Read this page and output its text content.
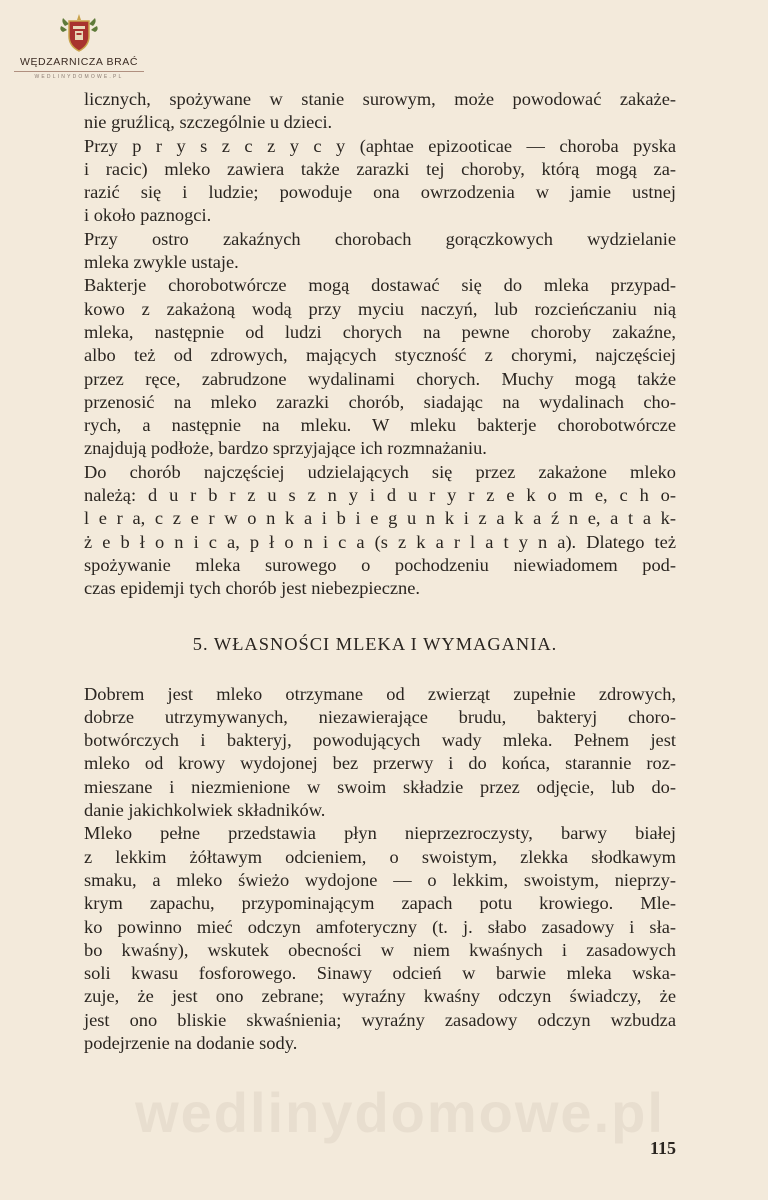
WĘDZARNICZA BRAĆ
WEDLINYDOMOWE.PL
licznych, spożywane w stanie surowym, może powodować zakaże-
nie gruźlicą, szczególnie u dzieci.
Przy p r y s z c z y c y (aphtae epizooticae — choroba pyska
i racic) mleko zawiera także zarazki tej choroby, którą mogą za-
razić się i ludzie; powoduje ona owrzodzenia w jamie ustnej
i około paznogci.
Przy ostro zakaźnych chorobach gorączkowych wydzielanie
mleka zwykle ustaje.
Bakterje chorobotwórcze mogą dostawać się do mleka przypad-
kowo z zakażoną wodą przy myciu naczyń, lub rozcieńczaniu nią
mleka, następnie od ludzi chorych na pewne choroby zakaźne,
albo też od zdrowych, mających styczność z chorymi, najczęściej
przez ręce, zabrudzone wydalinami chorych. Muchy mogą także
przenosić na mleko zarazki chorób, siadając na wydalinach cho-
rych, a następnie na mleku. W mleku bakterje chorobotwórcze
znajdują podłoże, bardzo sprzyjające ich rozmnażaniu.
Do chorób najczęściej udzielających się przez zakażone mleko
należą: d u r b r z u s z n y i d u r y r z e k o m e, c h o-
l e r a, c z e r w o n k a i b i e g u n k i z a k a ź n e, a t a k-
ż e b ł o n i c a, p ł o n i c a (s z k a r l a t y n a). Dlatego też
spożywanie mleka surowego o pochodzeniu niewiadomem pod-
czas epidemji tych chorób jest niebezpieczne.
5. WŁASNOŚCI MLEKA I WYMAGANIA.
Dobrem jest mleko otrzymane od zwierząt zupełnie zdrowych,
dobrze utrzymywanych, niezawierające brudu, bakteryj choro-
botwórczych i bakteryj, powodujących wady mleka. Pełnem jest
mleko od krowy wydojonej bez przerwy i do końca, starannie roz-
mieszane i niezmienione w swoim składzie przez odjęcie, lub do-
danie jakichkolwiek składników.
Mleko pełne przedstawia płyn nieprzezroczysty, barwy białej
z lekkim żółtawym odcieniem, o swoistym, zlekka słodkawym
smaku, a mleko świeżo wydojone — o lekkim, swoistym, nieprzy-
krym zapachu, przypominającym zapach potu krowiego. Mle-
ko powinno mieć odczyn amfoteryczny (t. j. słabo zasadowy i sła-
bo kwaśny), wskutek obecności w niem kwaśnych i zasadowych
soli kwasu fosforowego. Sinawy odcień w barwie mleka wska-
zuje, że jest ono zebrane; wyraźny kwaśny odczyn świadczy, że
jest ono bliskie skwaśnienia; wyraźny zasadowy odczyn wzbudza
podejrzenie na dodanie sody.
wedlinydomowe.pl
115
